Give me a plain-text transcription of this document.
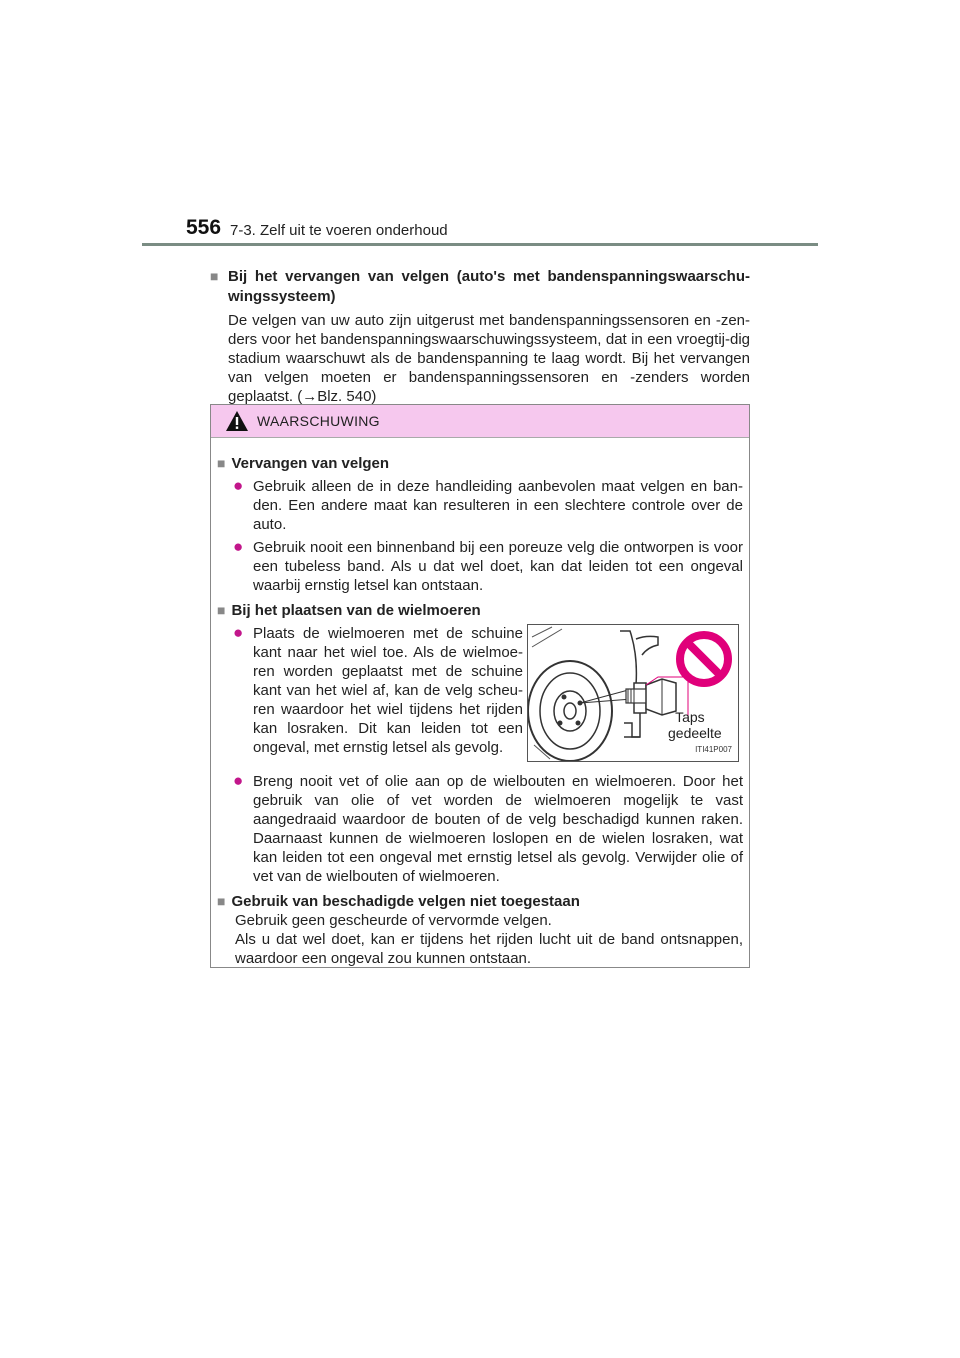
556 7-3. Zelf uit te voeren onderhoud
■ Bij het vervangen van velgen (auto's met bandenspanningswaarschu-wingssysteem)
De velgen van uw auto zijn uitgerust met bandenspanningssensoren en -zen-ders voor het bandenspanningswaarschuwingssysteem, dat in een vroegtij-dig stadium waarschuwt als de bandenspanning te laag wordt. Bij het vervangen van velgen moeten er bandenspanningssensoren en -zenders worden geplaatst. (→Blz. 540)
WAARSCHUWING
■ Vervangen van velgen
● Gebruik alleen de in deze handleiding aanbevolen maat velgen en ban-den. Een andere maat kan resulteren in een slechtere controle over de auto.
● Gebruik nooit een binnenband bij een poreuze velg die ontworpen is voor een tubeless band. Als u dat wel doet, kan dat leiden tot een ongeval waarbij ernstig letsel kan ontstaan.
■ Bij het plaatsen van de wielmoeren
● Plaats de wielmoeren met de schuine kant naar het wiel toe. Als de wielmoe-ren worden geplaatst met de schuine kant van het wiel af, kan de velg scheu-ren waardoor het wiel tijdens het rijden kan losraken. Dit kan leiden tot een ongeval, met ernstig letsel als gevolg.
Taps
gedeelte
ITI41P007
● Breng nooit vet of olie aan op de wielbouten en wielmoeren. Door het gebruik van olie of vet worden de wielmoeren mogelijk te vast aangedraaid waardoor de bouten of de velg beschadigd kunnen raken. Daarnaast kunnen de wielmoeren loslopen en de wielen losraken, wat kan leiden tot een ongeval met ernstig letsel als gevolg. Verwijder olie of vet van de wielbouten of wielmoeren.
■ Gebruik van beschadigde velgen niet toegestaan
Gebruik geen gescheurde of vervormde velgen.
Als u dat wel doet, kan er tijdens het rijden lucht uit de band ontsnappen, waardoor een ongeval zou kunnen ontstaan.
